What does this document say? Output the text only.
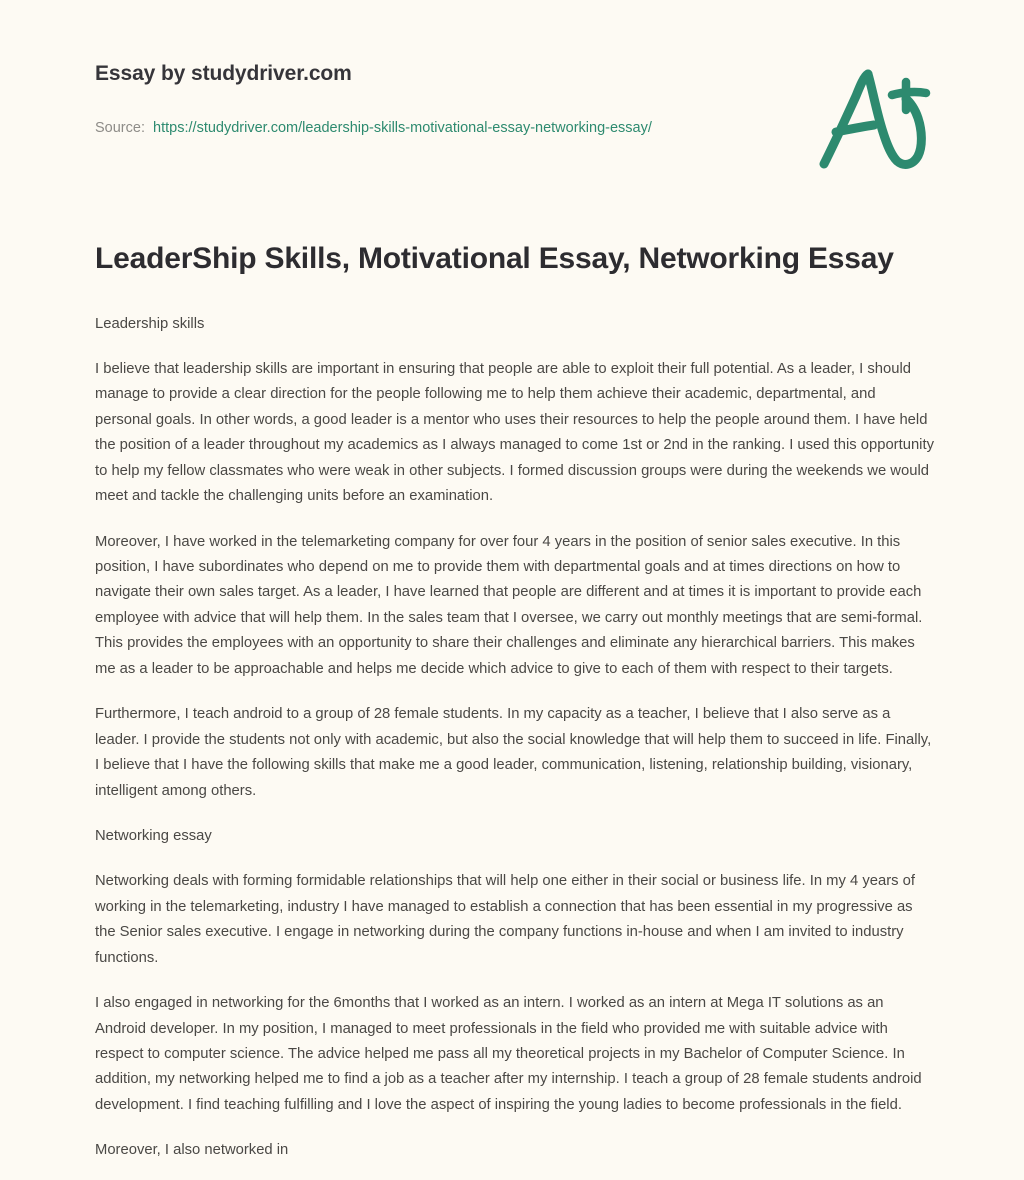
Essay by studydriver.com
Source: https://studydriver.com/leadership-skills-motivational-essay-networking-essay/
LeaderShip Skills, Motivational Essay, Networking Essay

Leadership skills

I believe that leadership skills are important in ensuring that people are able to exploit their full potential. As a leader, I should manage to provide a clear direction for the people following me to help them achieve their academic, departmental, and personal goals. In other words, a good leader is a mentor who uses their resources to help the people around them. I have held the position of a leader throughout my academics as I always managed to come 1st or 2nd in the ranking. I used this opportunity to help my fellow classmates who were weak in other subjects. I formed discussion groups were during the weekends we would meet and tackle the challenging units before an examination.

Moreover, I have worked in the telemarketing company for over four 4 years in the position of senior sales executive. In this position, I have subordinates who depend on me to provide them with departmental goals and at times directions on how to navigate their own sales target. As a leader, I have learned that people are different and at times it is important to provide each employee with advice that will help them. In the sales team that I oversee, we carry out monthly meetings that are semi-formal. This provides the employees with an opportunity to share their challenges and eliminate any hierarchical barriers. This makes me as a leader to be approachable and helps me decide which advice to give to each of them with respect to their targets.

Furthermore, I teach android to a group of 28 female students. In my capacity as a teacher, I believe that I also serve as a leader. I provide the students not only with academic, but also the social knowledge that will help them to succeed in life. Finally, I believe that I have the following skills that make me a good leader, communication, listening, relationship building, visionary, intelligent among others.

Networking essay

Networking deals with forming formidable relationships that will help one either in their social or business life. In my 4 years of working in the telemarketing, industry I have managed to establish a connection that has been essential in my progressive as the Senior sales executive. I engage in networking during the company functions in-house and when I am invited to industry functions.

I also engaged in networking for the 6months that I worked as an intern. I worked as an intern at Mega IT solutions as an Android developer. In my position, I managed to meet professionals in the field who provided me with suitable advice with respect to computer science. The advice helped me pass all my theoretical projects in my Bachelor of Computer Science. In addition, my networking helped me to find a job as a teacher after my internship. I teach a group of 28 female students android development. I find teaching fulfilling and I love the aspect of inspiring the young ladies to become professionals in the field.

Moreover, I also networked in
